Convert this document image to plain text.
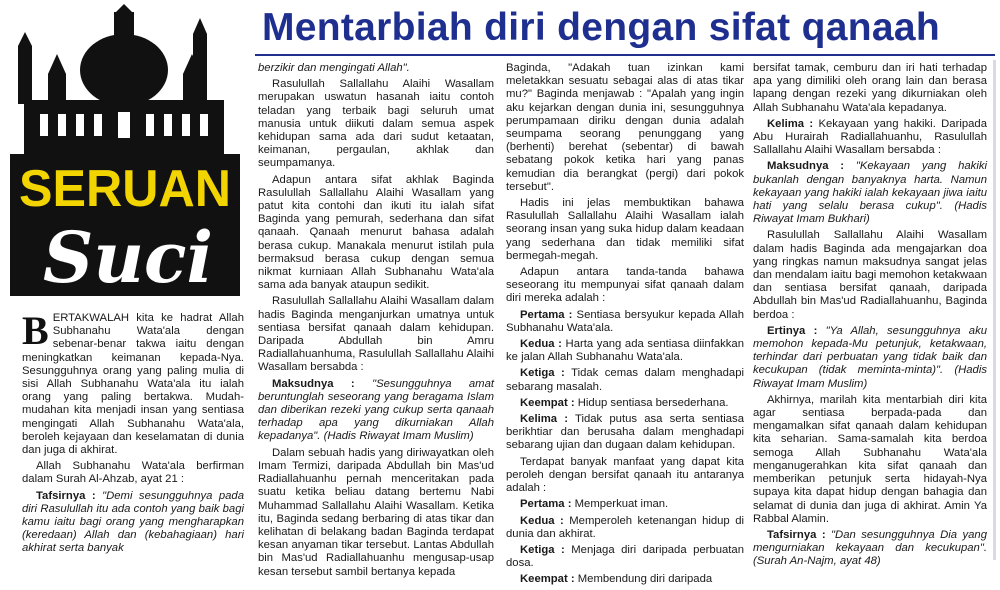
SERUAN
Suci
Mentarbiah diri dengan sifat qanaah

BERTAKWALAH kita ke hadrat Allah Subhanahu Wata'ala dengan sebenar-benar takwa iaitu dengan meningkatkan keimanan kepada-Nya. Sesungguhnya orang yang paling mulia di sisi Allah Subhanahu Wata'ala itu ialah orang yang paling bertakwa. Mudah-mudahan kita menjadi insan yang sentiasa mengingati Allah Subhanahu Wata'ala, beroleh kejayaan dan keselamatan di dunia dan juga di akhirat.

Allah Subhanahu Wata'ala berfirman dalam Surah Al-Ahzab, ayat 21 :

Tafsirnya : "Demi sesungguhnya pada diri Rasulullah itu ada contoh yang baik bagi kamu iaitu bagi orang yang mengharapkan (keredaan) Allah dan (kebahagiaan) hari akhirat serta banyak

berzikir dan mengingati Allah".

Rasulullah Sallallahu Alaihi Wasallam merupakan uswatun hasanah iaitu contoh teladan yang terbaik bagi seluruh umat manusia untuk diikuti dalam semua aspek kehidupan sama ada dari sudut ketaatan, keimanan, pergaulan, akhlak dan seumpamanya.

Adapun antara sifat akhlak Baginda Rasulullah Sallallahu Alaihi Wasallam yang patut kita contohi dan ikuti itu ialah sifat Baginda yang pemurah, sederhana dan sifat qanaah. Qanaah menurut bahasa adalah berasa cukup. Manakala menurut istilah pula bermaksud berasa cukup dengan semua nikmat kurniaan Allah Subhanahu Wata'ala sama ada banyak ataupun sedikit.

Rasulullah Sallallahu Alaihi Wasallam dalam hadis Baginda menganjurkan umatnya untuk sentiasa bersifat qanaah dalam kehidupan. Daripada Abdullah bin Amru Radiallahuanhuma, Rasulullah Sallallahu Alaihi Wasallam bersabda :

Maksudnya : "Sesungguhnya amat beruntunglah seseorang yang beragama Islam dan diberikan rezeki yang cukup serta qanaah terhadap apa yang dikurniakan Allah kepadanya". (Hadis Riwayat Imam Muslim)

Dalam sebuah hadis yang diriwayatkan oleh Imam Termizi, daripada Abdullah bin Mas'ud Radiallahuanhu pernah menceritakan pada suatu ketika beliau datang bertemu Nabi Muhammad Sallallahu Alaihi Wasallam. Ketika itu, Baginda sedang berbaring di atas tikar dan kelihatan di belakang badan Baginda terdapat kesan anyaman tikar tersebut. Lantas Abdullah bin Mas'ud Radiallahuanhu mengusap-usap kesan tersebut sambil bertanya kepada

Baginda, "Adakah tuan izinkan kami meletakkan sesuatu sebagai alas di atas tikar mu?" Baginda menjawab : "Apalah yang ingin aku kejarkan dengan dunia ini, sesungguhnya perumpamaan diriku dengan dunia adalah seumpama seorang penunggang yang (berhenti) berehat (sebentar) di bawah sebatang pokok ketika hari yang panas kemudian dia berangkat (pergi) dari pokok tersebut".

Hadis ini jelas membuktikan bahawa Rasulullah Sallallahu Alaihi Wasallam ialah seorang insan yang suka hidup dalam keadaan yang sederhana dan tidak memiliki sifat bermegah-megah.

Adapun antara tanda-tanda bahawa seseorang itu mempunyai sifat qanaah dalam diri mereka adalah :

Pertama : Sentiasa bersyukur kepada Allah Subhanahu Wata'ala.

Kedua : Harta yang ada sentiasa diinfakkan ke jalan Allah Subhanahu Wata'ala.

Ketiga : Tidak cemas dalam menghadapi sebarang masalah.

Keempat : Hidup sentiasa bersederhana.

Kelima : Tidak putus asa serta sentiasa berikhtiar dan berusaha dalam menghadapi sebarang ujian dan dugaan dalam kehidupan.

Terdapat banyak manfaat yang dapat kita peroleh dengan bersifat qanaah itu antaranya adalah :

Pertama : Memperkuat iman.

Kedua : Memperoleh ketenangan hidup di dunia dan akhirat.

Ketiga : Menjaga diri daripada perbuatan dosa.

Keempat : Membendung diri daripada

bersifat tamak, cemburu dan iri hati terhadap apa yang dimiliki oleh orang lain dan berasa lapang dengan rezeki yang dikurniakan oleh Allah Subhanahu Wata'ala kepadanya.

Kelima : Kekayaan yang hakiki. Daripada Abu Hurairah Radiallahuanhu, Rasulullah Sallallahu Alaihi Wasallam bersabda :

Maksudnya : "Kekayaan yang hakiki bukanlah dengan banyaknya harta. Namun kekayaan yang hakiki ialah kekayaan jiwa iaitu hati yang selalu berasa cukup". (Hadis Riwayat Imam Bukhari)

Rasulullah Sallallahu Alaihi Wasallam dalam hadis Baginda ada mengajarkan doa yang ringkas namun maksudnya sangat jelas dan mendalam iaitu bagi memohon ketakwaan dan sentiasa bersifat qanaah, daripada Abdullah bin Mas'ud Radiallahuanhu, Baginda berdoa :

Ertinya : "Ya Allah, sesungguhnya aku memohon kepada-Mu petunjuk, ketakwaan, terhindar dari perbuatan yang tidak baik dan kecukupan (tidak meminta-minta)". (Hadis Riwayat Imam Muslim)

Akhirnya, marilah kita mentarbiah diri kita agar sentiasa berpada-pada dan mengamalkan sifat qanaah dalam kehidupan kita seharian. Sama-samalah kita berdoa semoga Allah Subhanahu Wata'ala menganugerahkan kita sifat qanaah dan memberikan petunjuk serta hidayah-Nya supaya kita dapat hidup dengan bahagia dan selamat di dunia dan juga di akhirat. Amin Ya Rabbal Alamin.

Tafsirnya : "Dan sesungguhnya Dia yang mengurniakan kekayaan dan kecukupan". (Surah An-Najm, ayat 48)
